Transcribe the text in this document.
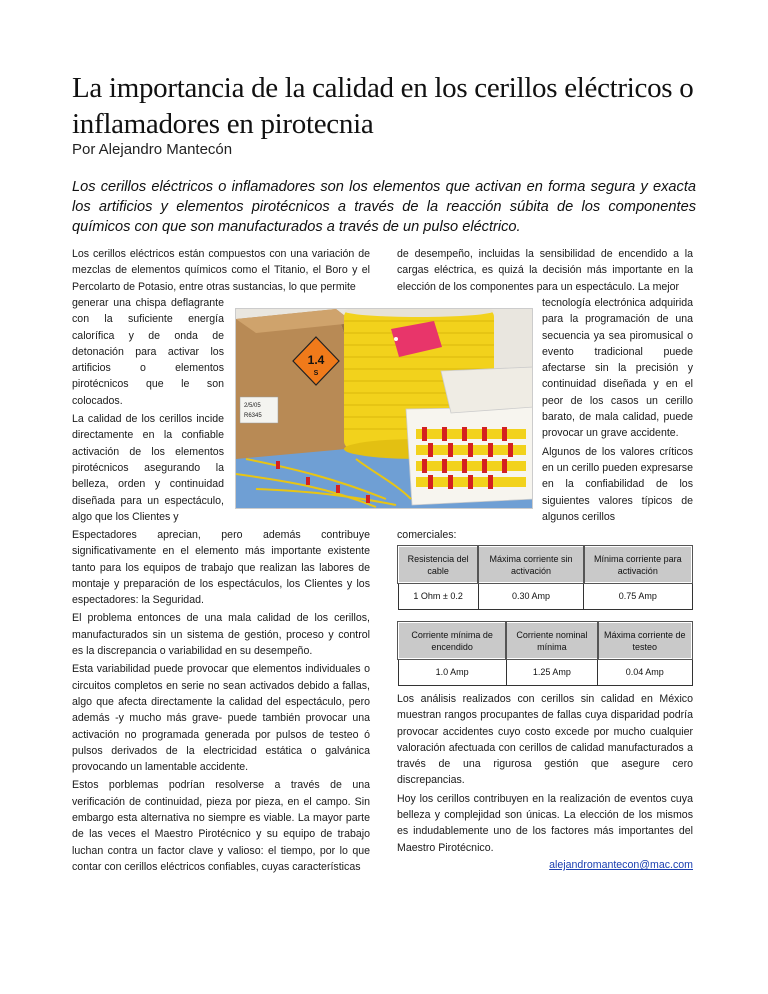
La importancia de la calidad en los cerillos eléctricos o inflamadores en pirotecnia
Por Alejandro Mantecón

Los cerillos eléctricos o inflamadores son los elementos que activan en forma segura y exacta los artificios y elementos pirotécnicos a través de la reacción súbita de los componentes químicos con que son manufacturados a través de un pulso eléctrico.

Los cerillos eléctricos están compuestos con una variación de mezclas de elementos químicos como el Titanio, el Boro y el Percolarto de Potasio, entre otras sustancias, lo que permite

generar una chispa deflagrante con la suficiente energía calorífica y de onda de detonación para activar los artificios o elementos pirotécnicos que le son colocados.

La calidad de los cerillos incide directamente en la confiable activación de los elementos pirotécnicos asegurando la belleza, orden y continuidad diseñada para un espectáculo, algo que los Clientes y

Espectadores aprecian, pero además contribuye significativamente en el elemento más importante existente tanto para los equipos de trabajo que realizan las labores de montaje y preparación de los espectáculos, los Clientes y los espectadores: la Seguridad.

El problema entonces de una mala calidad de los cerillos, manufacturados sin un sistema de gestión, proceso y control es la discrepancia o variabilidad en su desempeño.

Esta variabilidad puede provocar que elementos individuales o circuitos completos en serie no sean activados debido a fallas, algo que afecta directamente la calidad del espectáculo, pero además -y mucho más grave- puede también provocar una activación no programada generada por pulsos de testeo ó pulsos derivados de la electricidad estática o galvánica provocando un lamentable accidente.

Estos porblemas podrían resolverse a través de una verificación de continuidad, pieza por pieza, en el campo. Sin embargo esta alternativa no siempre es viable. La mayor parte de las veces el Maestro Pirotécnico y su equipo de trabajo luchan contra un factor clave y valioso: el tiempo, por lo que contar con cerillos eléctricos confiables, cuyas características

1.4
S
2/5/05
R6345

de desempeño, incluidas la sensibilidad de encendido a la cargas eléctrica, es quizá la decisión más importante en la elección de los componentes para un espectáculo. La mejor

tecnología electrónica adquirida para la programación de una secuencia ya sea piromusical o evento tradicional puede afectarse sin la precisión y continuidad diseñada y en el peor de los casos un cerillo barato, de mala calidad, puede provocar un grave accidente.

Algunos de los valores críticos en un cerillo pueden expresarse en la confiabilidad de los siguientes valores típicos de algunos cerillos

comerciales:

Resistencia del cable	Máxima corriente sin activación	Mínima corriente para activación
1 Ohm ± 0.2	0.30 Amp	0.75 Amp
Corriente mínima de encendido	Corriente nominal mínima	Máxima corriente de testeo
1.0 Amp	1.25 Amp	0.04 Amp

Los análisis realizados con cerillos sin calidad en México muestran rangos procupantes de fallas cuya disparidad podría provocar accidentes cuyo costo excede por mucho cualquier valoración afectuada con cerillos de calidad manufacturados a través de una rigurosa gestión que asegure cero discrepancias.

Hoy los cerillos contribuyen en la realización de eventos cuya belleza y complejidad son únicas. La elección de los mismos es indudablemente uno de los factores más importantes del Maestro Pirotécnico.

alejandromantecon@mac.com
